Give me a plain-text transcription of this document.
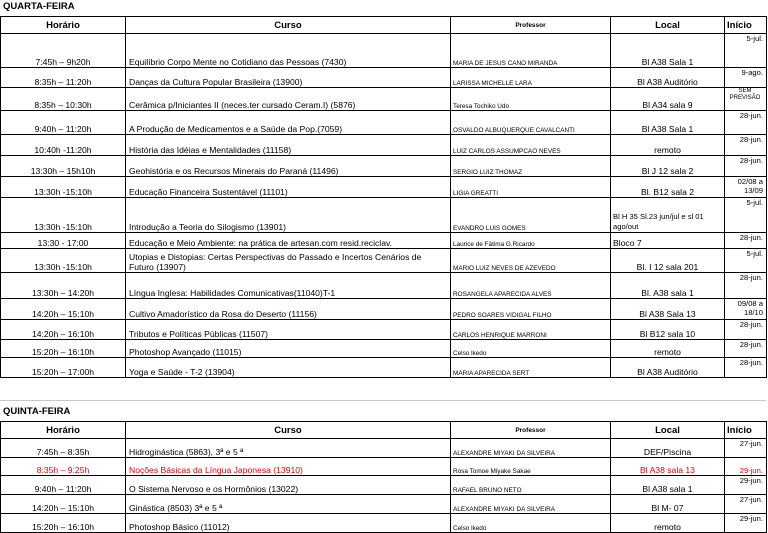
QUARTA-FEIRA
Horário	Curso	Professor	Local	Início
7:45h – 9h20h	Equilíbrio Corpo Mente no Cotidiano das Pessoas (7430)	MARIA DE JESUS CANO MIRANDA	Bl A38 Sala 1	5-jul.
8:35h – 11:20h	Danças da Cultura Popular Brasileira (13900)	LARISSA MICHELLE LARA	Bl A38 Auditório	9-ago.
8:35h – 10:30h	Cerâmica p/Iniciantes II (neces.ter cursado Ceram.I) (5876)	Teresa Tochiko Udo	Bl A34 sala 9	SEM PREVISÃO
9:40h – 11:20h	A Produção de Medicamentos e a Saúde da Pop.(7059)	OSVALDO ALBUQUERQUE CAVALCANTI	Bl A38 Sala 1	28-jun.
10:40h -11:20h	História das Idéias e Mentalidades (11158)	LUIZ CARLOS ASSUMPCAO NEVES	remoto	28-jun.
13:30h – 15h10h	Geohistória e os Recursos Minerais do Paraná (11496)	SERGIO LUIZ THOMAZ	Bl J 12 sala 2	28-jun.
13:30h -15:10h	Educação Financeira Sustentável (11101)	LIGIA GREATTI	Bl. B12 sala 2	02/08 a 13/09
13:30h -15:10h	Introdução a Teoria do Silogismo (13901)	EVANDRO LUIS GOMES	Bl H 35 Sl.23 jun/jul e sl 01 ago/out	5-jul.
13:30 - 17:00	Educação e Meio Ambiente: na prática de artesan.com resid.reciclav.	Laurice de Fátima G.Ricardo	Bloco 7	28-jun.
13:30h -15:10h	Utopias e Distopias: Certas Perspectivas do Passado e Incertos Cenários de Futuro (13907)	MARIO LUIZ NEVES DE AZEVEDO	Bl. I 12 sala 201	5-jul.
13:30h – 14:20h	Língua Inglesa: Habilidades Comunicativas(11040)T-1	ROSANGELA APARECIDA ALVES	Bl. A38 sala 1	28-jun.
14:20h – 15:10h	Cultivo Amadorístico da Rosa do Deserto (11156)	PEDRO SOARES VIDIGAL FILHO	Bl A38 Sala 13	09/08 a 18/10
14:20h – 16:10h	Tributos e Políticas Públicas (11507)	CARLOS HENRIQUE MARRONI	Bl B12 sala 10	28-jun.
15:20h – 16:10h	Photoshop Avançado (11015)	Celso lkedo	remoto	28-jun.
15:20h – 17:00h	Yoga e Saúde - T-2 (13904)	MARIA APARECIDA SERT	Bl A38 Auditório	28-jun.
QUINTA-FEIRA
Horário	Curso	Professor	Local	Início
7:45h – 8:35h	Hidroginástica (5863), 3ª e 5 ª	ALEXANDRE MIYAKI DA SILVEIRA	DEF/Piscina	27-jun.
8:35h – 9:25h	Noções Básicas da Língua Japonesa (13910)	Rosa Tomoe Miyake Sakae	Bl A38 sala 13	29-jun.
9:40h – 11:20h	O Sistema Nervoso e os Hormônios (13022)	RAFAEL BRUNO NETO	Bl A38 sala 1	29-jun.
14:20h – 15:10h	Ginástica (8503) 3ª e 5 ª	ALEXANDRE MIYAKI DA SILVEIRA	Bl M- 07	27-jun.
15:20h – 16:10h	Photoshop Básico (11012)	Celso lkedo	remoto	29-jun.
